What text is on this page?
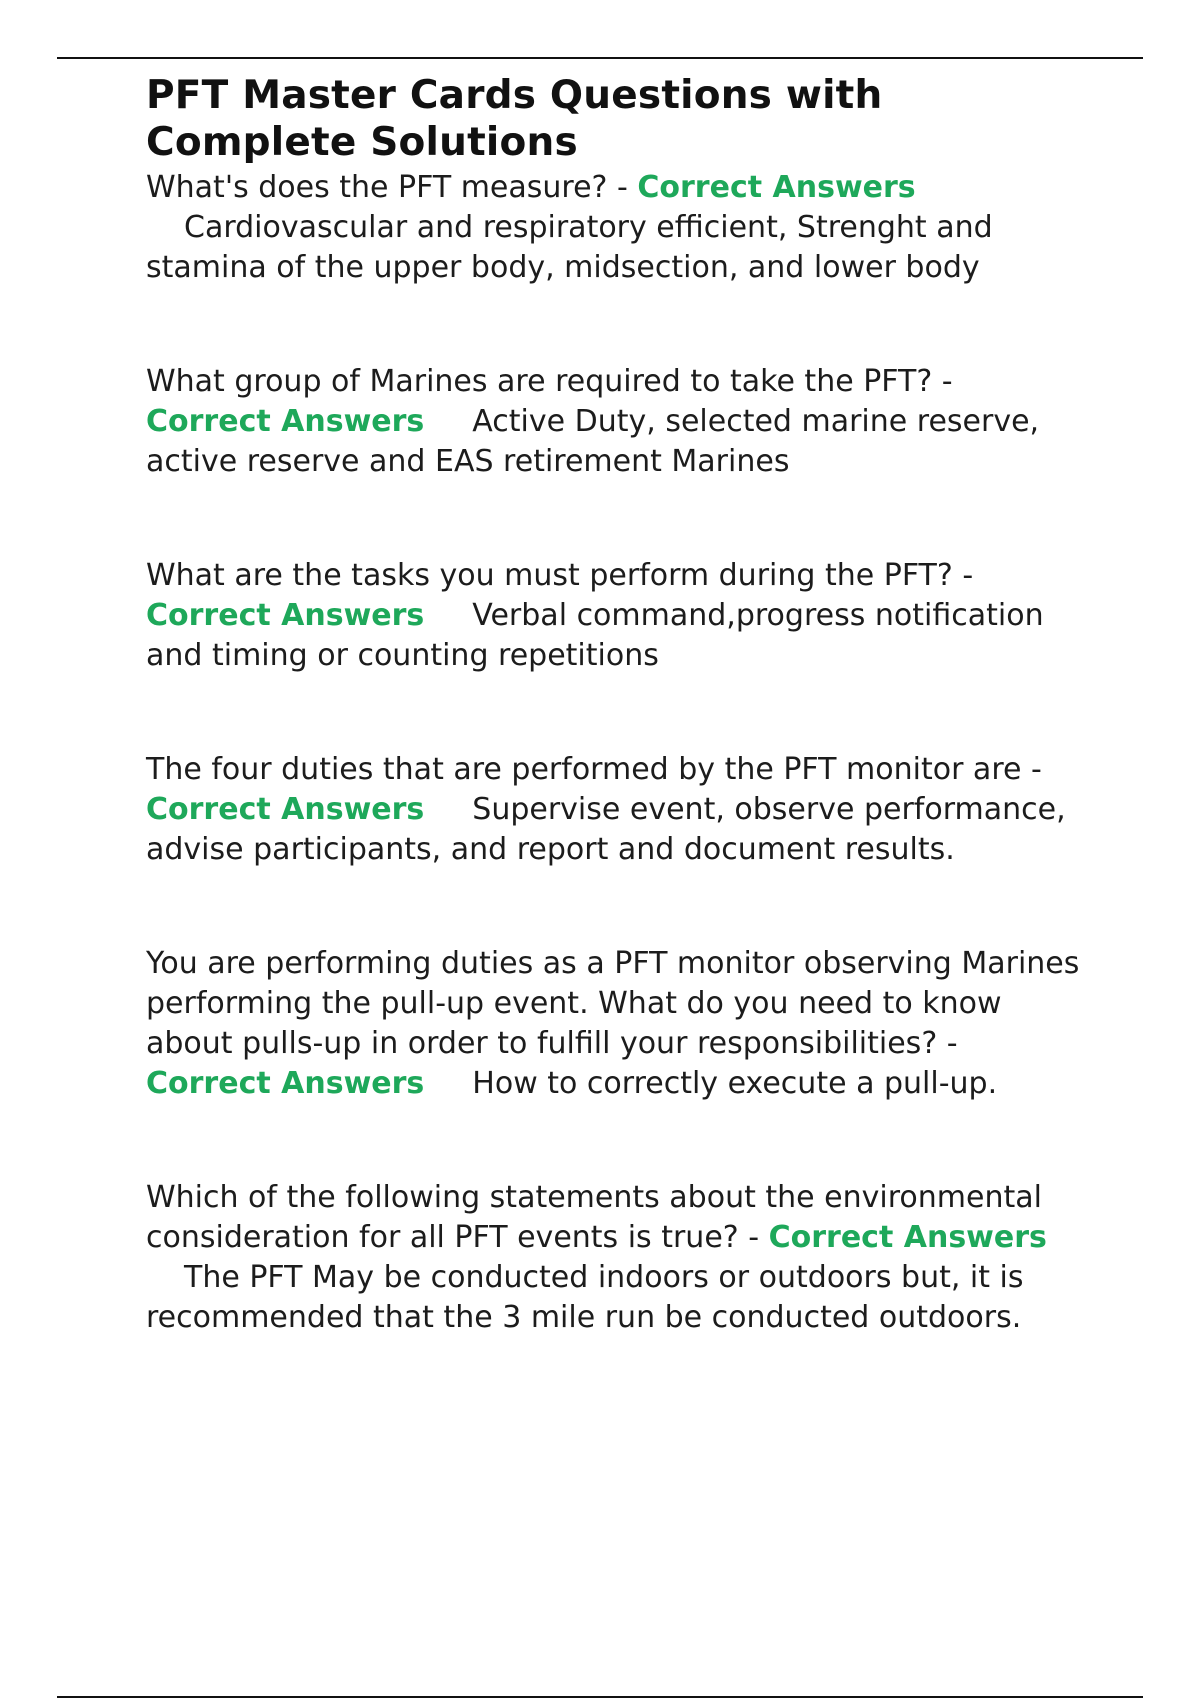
PFT Master Cards Questions with Complete Solutions

What's does the PFT measure? - Correct Answers
Cardiovascular and respiratory efficient, Strenght and stamina of the upper body, midsection, and lower body

What group of Marines are required to take the PFT? -
Correct Answers Active Duty, selected marine reserve, active reserve and EAS retirement Marines

What are the tasks you must perform during the PFT? -
Correct Answers Verbal command,progress notification and timing or counting repetitions

The four duties that are performed by the PFT monitor are -
Correct Answers Supervise event, observe performance, advise participants, and report and document results.

You are performing duties as a PFT monitor observing Marines performing the pull-up event. What do you need to know about pulls-up in order to fulfill your responsibilities? -
Correct Answers How to correctly execute a pull-up.

Which of the following statements about the environmental consideration for all PFT events is true? - Correct Answers
The PFT May be conducted indoors or outdoors but, it is recommended that the 3 mile run be conducted outdoors.
